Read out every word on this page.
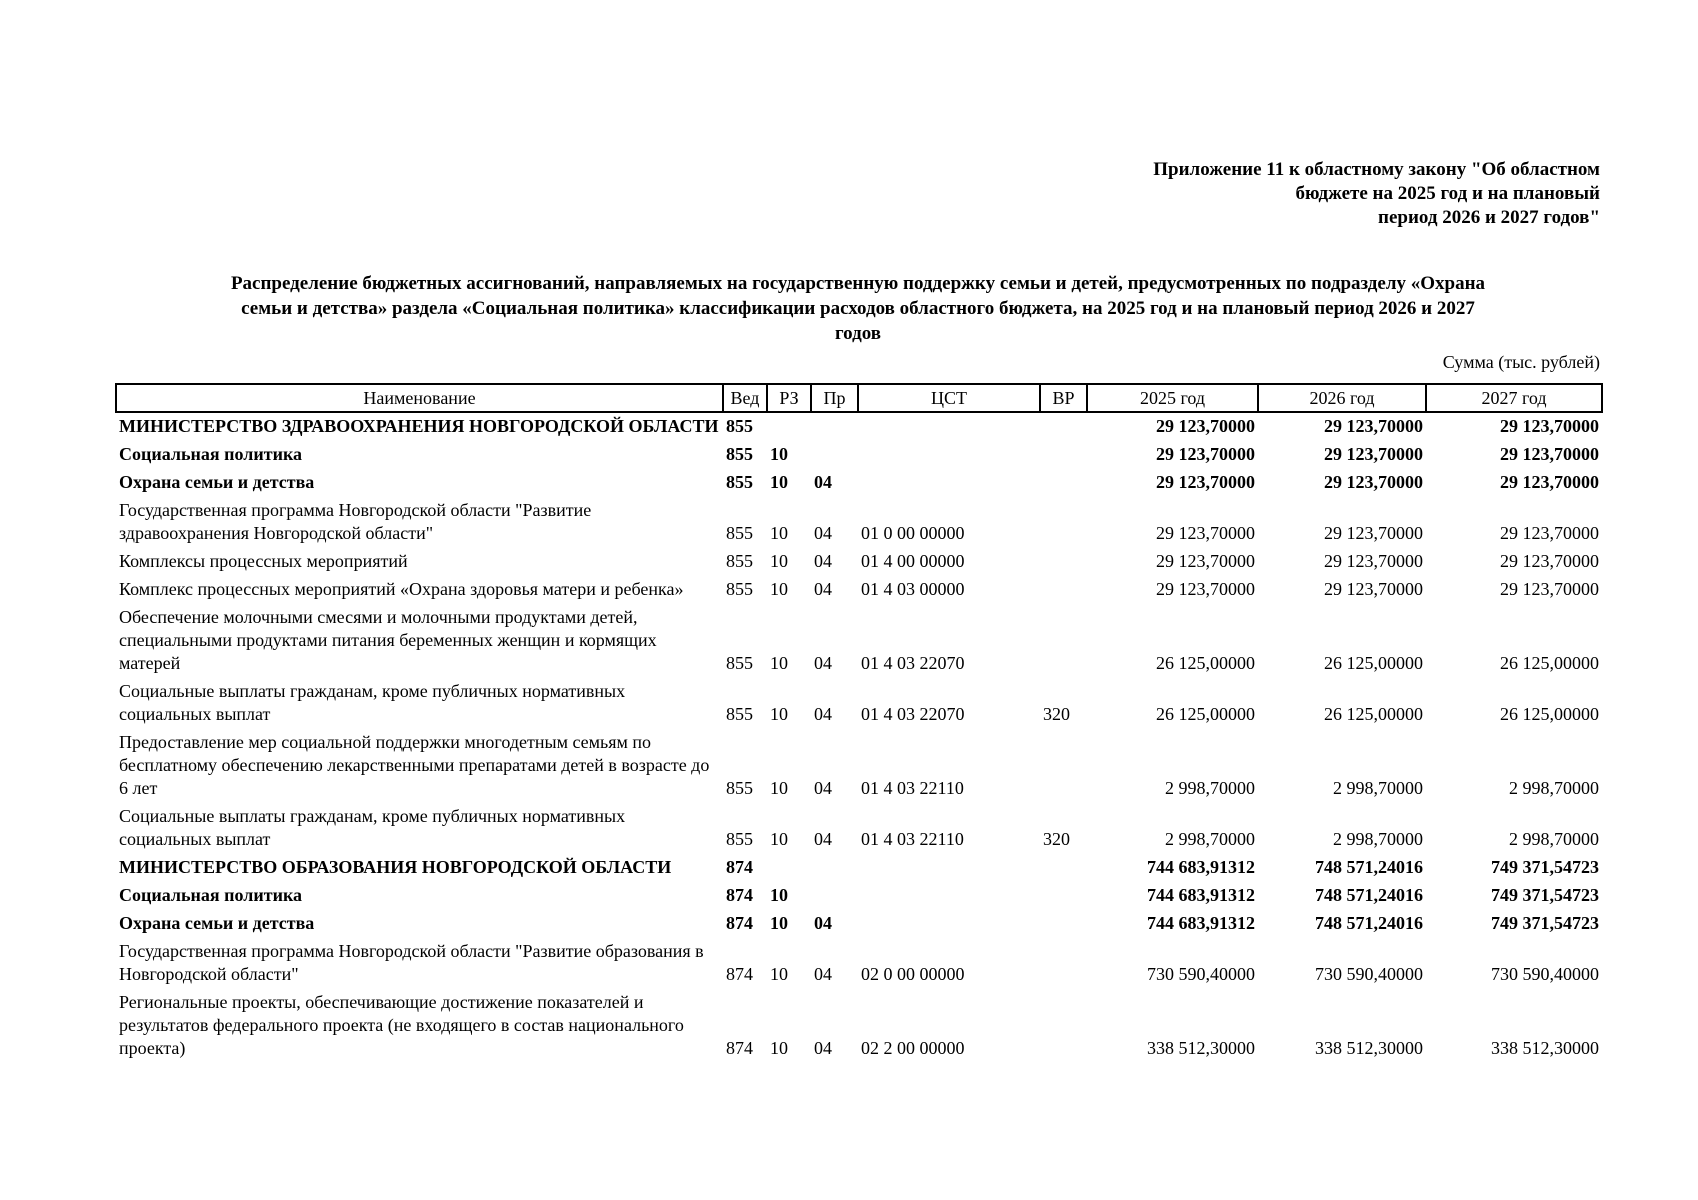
Приложение 11 к областному закону "Об областном
бюджете на 2025 год и на плановый
период 2026 и 2027 годов"
Распределение бюджетных ассигнований, направляемых на государственную поддержку семьи и детей, предусмотренных по подразделу «Охрана
семьи и детства» раздела «Социальная политика» классификации расходов областного бюджета, на 2025 год и на плановый период 2026 и 2027
годов
Сумма (тыс. рублей)
Наименование	Вед	РЗ	Пр	ЦСТ	ВР	2025 год	2026 год	2027 год
МИНИСТЕРСТВО ЗДРАВООХРАНЕНИЯ НОВГОРОДСКОЙ ОБЛАСТИ	855					29 123,70000	29 123,70000	29 123,70000
Социальная политика	855	10				29 123,70000	29 123,70000	29 123,70000
Охрана семьи и детства	855	10	04			29 123,70000	29 123,70000	29 123,70000
Государственная программа Новгородской области "Развитие здравоохранения Новгородской области"	855	10	04	01 0 00 00000		29 123,70000	29 123,70000	29 123,70000
Комплексы процессных мероприятий	855	10	04	01 4 00 00000		29 123,70000	29 123,70000	29 123,70000
Комплекс процессных мероприятий «Охрана здоровья матери и ребенка»	855	10	04	01 4 03 00000		29 123,70000	29 123,70000	29 123,70000
Обеспечение молочными смесями и молочными продуктами детей, специальными продуктами питания беременных женщин и кормящих матерей	855	10	04	01 4 03 22070		26 125,00000	26 125,00000	26 125,00000
Социальные выплаты гражданам, кроме публичных нормативных социальных выплат	855	10	04	01 4 03 22070	320	26 125,00000	26 125,00000	26 125,00000
Предоставление мер социальной поддержки многодетным семьям по бесплатному обеспечению лекарственными препаратами детей в возрасте до 6 лет	855	10	04	01 4 03 22110		2 998,70000	2 998,70000	2 998,70000
Социальные выплаты гражданам, кроме публичных нормативных социальных выплат	855	10	04	01 4 03 22110	320	2 998,70000	2 998,70000	2 998,70000
МИНИСТЕРСТВО ОБРАЗОВАНИЯ НОВГОРОДСКОЙ ОБЛАСТИ	874					744 683,91312	748 571,24016	749 371,54723
Социальная политика	874	10				744 683,91312	748 571,24016	749 371,54723
Охрана семьи и детства	874	10	04			744 683,91312	748 571,24016	749 371,54723
Государственная программа Новгородской области "Развитие образования в Новгородской области"	874	10	04	02 0 00 00000		730 590,40000	730 590,40000	730 590,40000
Региональные проекты, обеспечивающие достижение показателей и результатов федерального проекта (не входящего в состав национального проекта)	874	10	04	02 2 00 00000		338 512,30000	338 512,30000	338 512,30000
